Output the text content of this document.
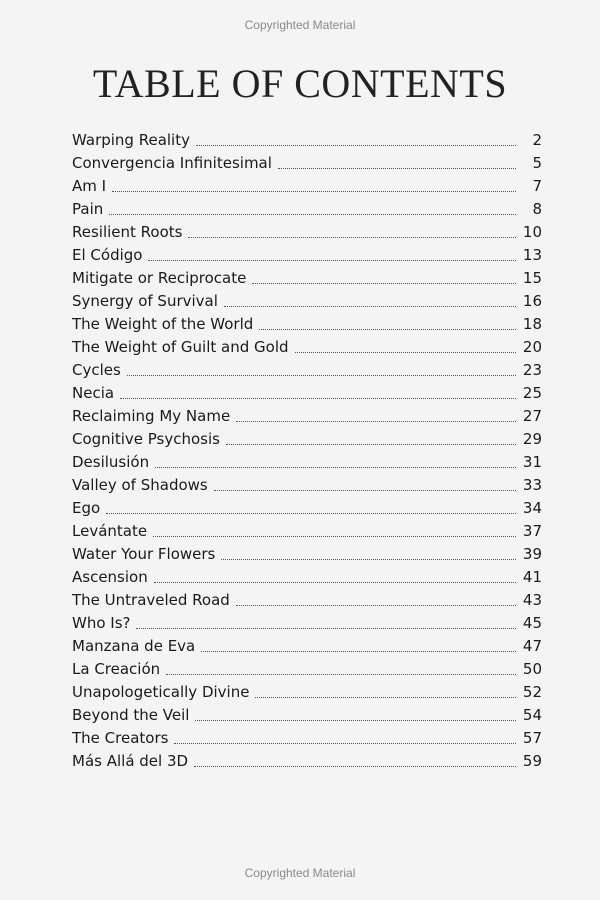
Copyrighted Material
TABLE OF CONTENTS
Warping Reality	2
Convergencia Infinitesimal	5
Am I	7
Pain	8
Resilient Roots	10
El Código	13
Mitigate or Reciprocate	15
Synergy of Survival	16
The Weight of the World	18
The Weight of Guilt and Gold	20
Cycles	23
Necia	25
Reclaiming My Name	27
Cognitive Psychosis	29
Desilusión	31
Valley of Shadows	33
Ego	34
Levántate	37
Water Your Flowers	39
Ascension	41
The Untraveled Road	43
Who Is?	45
Manzana de Eva	47
La Creación	50
Unapologetically Divine	52
Beyond the Veil	54
The Creators	57
Más Allá del 3D	59
Copyrighted Material
